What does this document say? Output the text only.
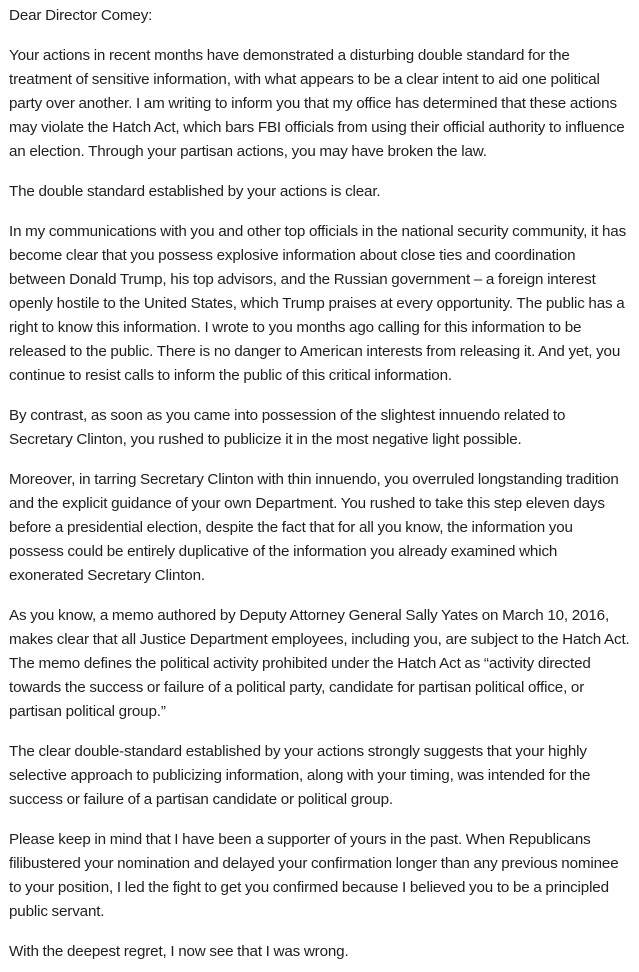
Dear Director Comey:

Your actions in recent months have demonstrated a disturbing double standard for the treatment of sensitive information, with what appears to be a clear intent to aid one political party over another. I am writing to inform you that my office has determined that these actions may violate the Hatch Act, which bars FBI officials from using their official authority to influence an election. Through your partisan actions, you may have broken the law.

The double standard established by your actions is clear.

In my communications with you and other top officials in the national security community, it has become clear that you possess explosive information about close ties and coordination between Donald Trump, his top advisors, and the Russian government – a foreign interest openly hostile to the United States, which Trump praises at every opportunity. The public has a right to know this information. I wrote to you months ago calling for this information to be released to the public. There is no danger to American interests from releasing it. And yet, you continue to resist calls to inform the public of this critical information.

By contrast, as soon as you came into possession of the slightest innuendo related to Secretary Clinton, you rushed to publicize it in the most negative light possible.

Moreover, in tarring Secretary Clinton with thin innuendo, you overruled longstanding tradition and the explicit guidance of your own Department. You rushed to take this step eleven days before a presidential election, despite the fact that for all you know, the information you possess could be entirely duplicative of the information you already examined which exonerated Secretary Clinton.

As you know, a memo authored by Deputy Attorney General Sally Yates on March 10, 2016, makes clear that all Justice Department employees, including you, are subject to the Hatch Act. The memo defines the political activity prohibited under the Hatch Act as “activity directed towards the success or failure of a political party, candidate for partisan political office, or partisan political group.”

The clear double-standard established by your actions strongly suggests that your highly selective approach to publicizing information, along with your timing, was intended for the success or failure of a partisan candidate or political group.

Please keep in mind that I have been a supporter of yours in the past. When Republicans filibustered your nomination and delayed your confirmation longer than any previous nominee to your position, I led the fight to get you confirmed because I believed you to be a principled public servant.

With the deepest regret, I now see that I was wrong.
